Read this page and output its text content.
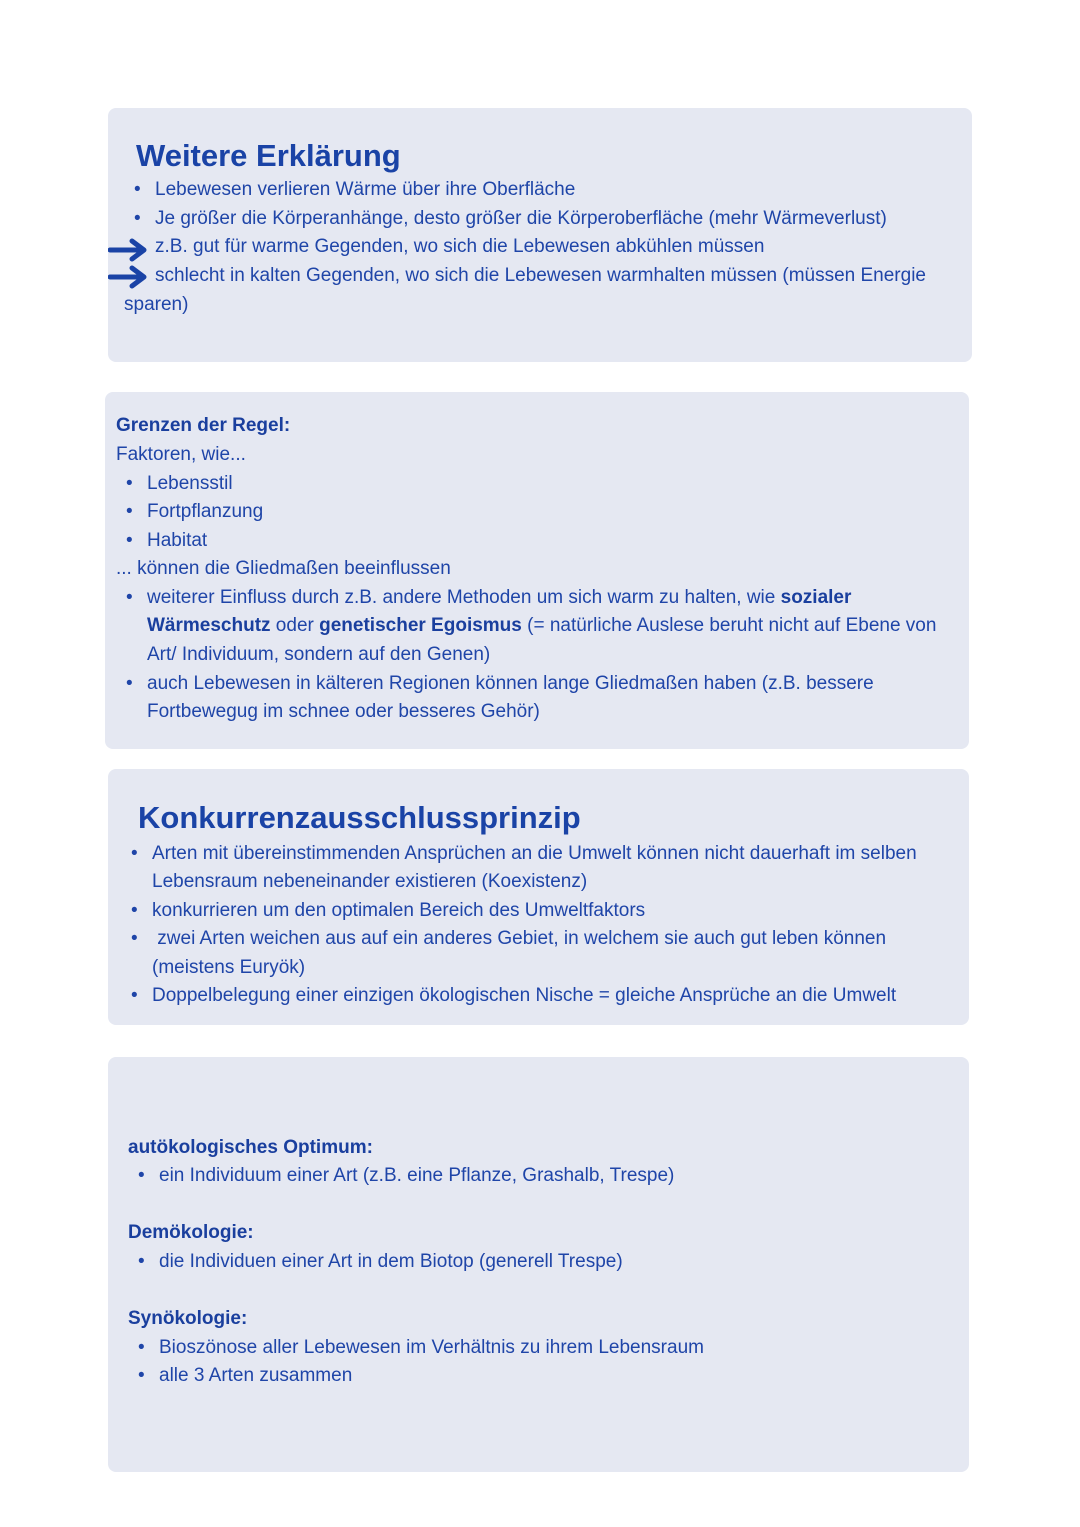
Weitere Erklärung
• Lebewesen verlieren Wärme über ihre Oberfläche
• Je größer die Körperanhänge, desto größer die Körperoberfläche (mehr Wärmeverlust)
z.B. gut für warme Gegenden, wo sich die Lebewesen abkühlen müssen
schlecht in kalten Gegenden, wo sich die Lebewesen warmhalten müssen (müssen Energie
sparen)
Grenzen der Regel:
Faktoren, wie...
• Lebensstil
• Fortpflanzung
• Habitat
... können die Gliedmaßen beeinflussen
• weiterer Einfluss durch z.B. andere Methoden um sich warm zu halten, wie sozialer
Wärmeschutz oder genetischer Egoismus (= natürliche Auslese beruht nicht auf Ebene von
Art/ Individuum, sondern auf den Genen)
• auch Lebewesen in kälteren Regionen können lange Gliedmaßen haben (z.B. bessere
Fortbewegug im schnee oder besseres Gehör)
Konkurrenzausschlussprinzip
• Arten mit übereinstimmenden Ansprüchen an die Umwelt können nicht dauerhaft im selben
Lebensraum nebeneinander existieren (Koexistenz)
• konkurrieren um den optimalen Bereich des Umweltfaktors
•  zwei Arten weichen aus auf ein anderes Gebiet, in welchem sie auch gut leben können
(meistens Euryök)
• Doppelbelegung einer einzigen ökologischen Nische = gleiche Ansprüche an die Umwelt
autökologisches Optimum:
• ein Individuum einer Art (z.B. eine Pflanze, Grashalb, Trespe)
Demökologie:
• die Individuen einer Art in dem Biotop (generell Trespe)
Synökologie:
• Bioszönose aller Lebewesen im Verhältnis zu ihrem Lebensraum
• alle 3 Arten zusammen
